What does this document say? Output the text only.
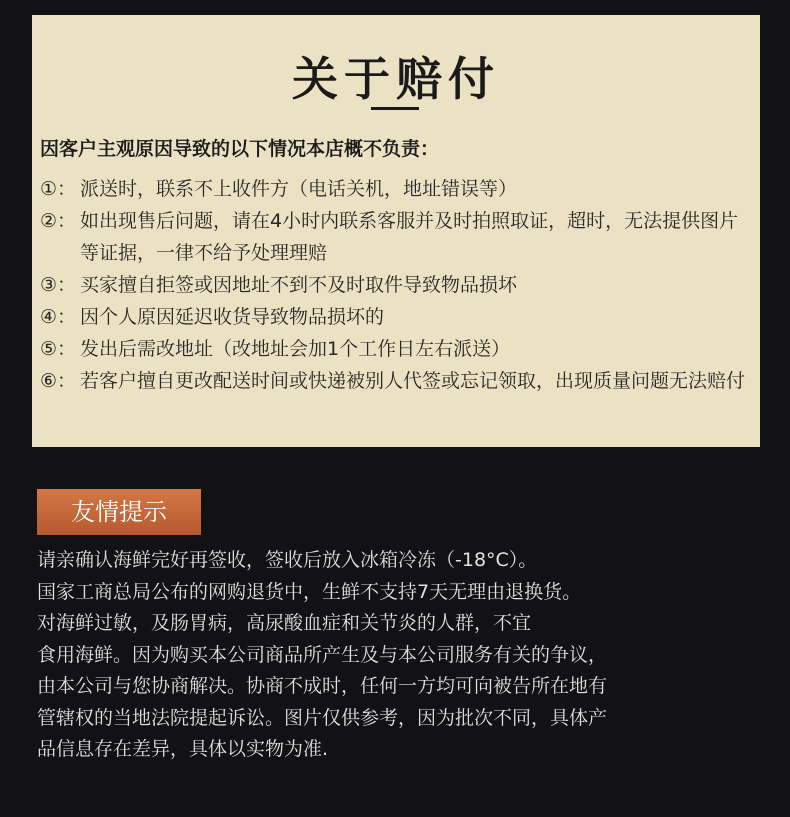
关于赔付
因客户主观原因导致的以下情况本店概不负责：
①： 派送时，联系不上收件方（电话关机，地址错误等）
②： 如出现售后问题，请在4小时内联系客服并及时拍照取证，超时，无法提供图片等证据，一律不给予处理理赔
③： 买家擅自拒签或因地址不到不及时取件导致物品损坏
④： 因个人原因延迟收货导致物品损坏的
⑤： 发出后需改地址（改地址会加1个工作日左右派送）
⑥： 若客户擅自更改配送时间或快递被别人代签或忘记领取，出现质量问题无法赔付
友情提示
请亲确认海鲜完好再签收，签收后放入冰箱冷冻（-18°C）。
国家工商总局公布的网购退货中，生鲜不支持7天无理由退换货。
对海鲜过敏，及肠胃病，高尿酸血症和关节炎的人群，不宜
食用海鲜。因为购买本公司商品所产生及与本公司服务有关的争议，
由本公司与您协商解决。协商不成时，任何一方均可向被告所在地有
管辖权的当地法院提起诉讼。图片仅供参考，因为批次不同，具体产
品信息存在差异，具体以实物为准.
